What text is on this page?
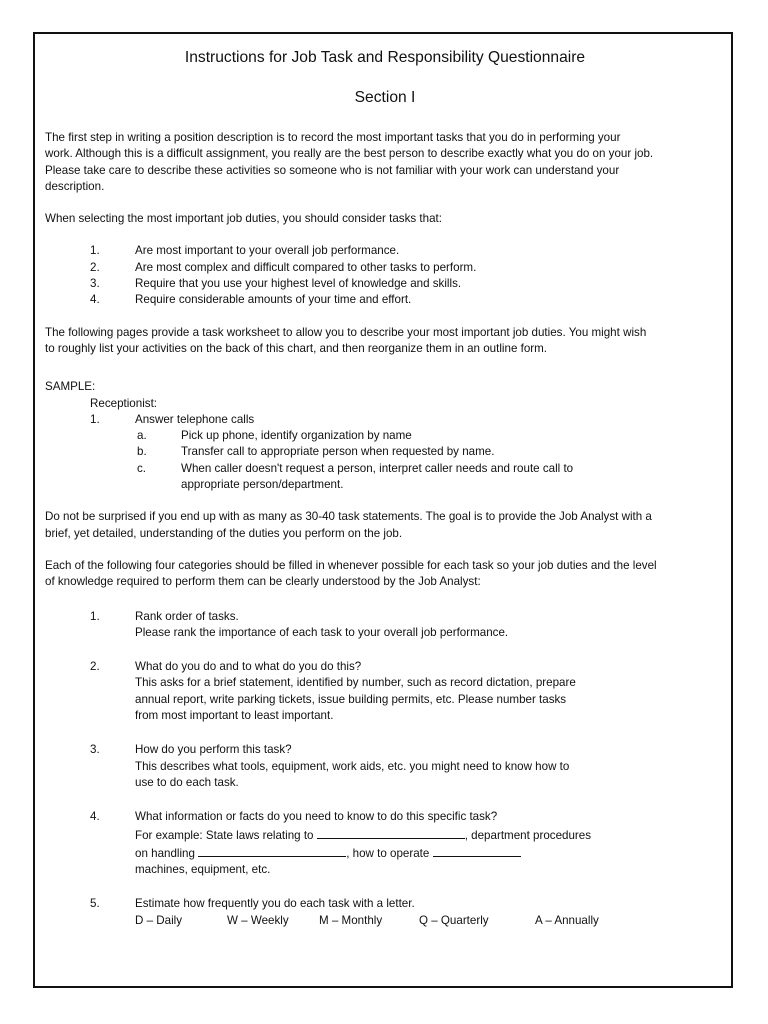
Instructions for Job Task and Responsibility Questionnaire
Section I

The first step in writing a position description is to record the most important tasks that you do in performing your

work. Although this is a difficult assignment, you really are the best person to describe exactly what you do on your job.

Please take care to describe these activities so someone who is not familiar with your work can understand your

description.

When selecting the most important job duties, you should consider tasks that:

1.	Are most important to your overall job performance.
2.	Are most complex and difficult compared to other tasks to perform.
3.	Require that you use your highest level of knowledge and skills.
4.	Require considerable amounts of your time and effort.

The following pages provide a task worksheet to allow you to describe your most important job duties. You might wish

to roughly list your activities on the back of this chart, and then reorganize them in an outline form.

SAMPLE:

Receptionist:

1.	Answer telephone calls
a.	Pick up phone, identify organization by name
b.	Transfer call to appropriate person when requested by name.
c.	When caller doesn't request a person, interpret caller needs and route call to
appropriate person/department.

Do not be surprised if you end up with as many as 30-40 task statements. The goal is to provide the Job Analyst with a

brief, yet detailed, understanding of the duties you perform on the job.

Each of the following four categories should be filled in whenever possible for each task so your job duties and the level

of knowledge required to perform them can be clearly understood by the Job Analyst:

1.	Rank order of tasks.
Please rank the importance of each task to your overall job performance.
2.	What do you do and to what do you do this?
This asks for a brief statement, identified by number, such as record dictation, prepare
annual report, write parking tickets, issue building permits, etc. Please number tasks
from most important to least important.
3.	How do you perform this task?
This describes what tools, equipment, work aids, etc. you might need to know how to
use to do each task.
4.	What information or facts do you need to know to do this specific task?
For example: State laws relating to	, department procedures
on handling	, how to operate
machines, equipment, etc.
5.	Estimate how frequently you do each task with a letter.
D – Daily	W – Weekly	M – Monthly	Q – Quarterly	A – Annually
